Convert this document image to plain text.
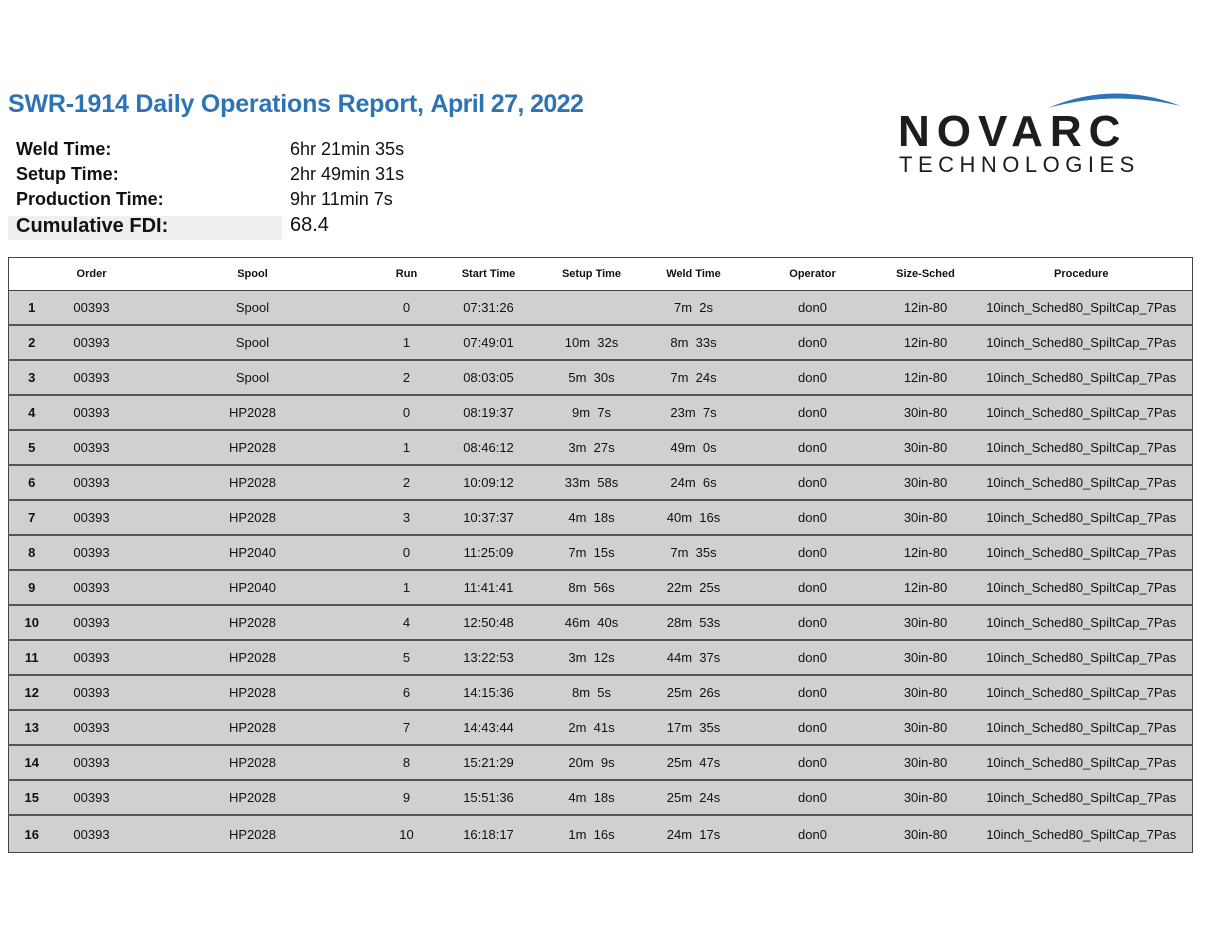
SWR-1914 Daily Operations Report, April 27, 2022
Weld Time:	6hr 21min 35s
Setup Time:	2hr 49min 31s
Production Time:	9hr 11min 7s
Cumulative FDI:	68.4
NOVARC
TECHNOLOGIES
	Order	Spool	Run	Start Time	Setup Time	Weld Time	Operator	Size-Sched	Procedure
1	00393	Spool	0	07:31:26		7m  2s	don0	12in-80	10inch_Sched80_SpiltCap_7Pas
2	00393	Spool	1	07:49:01	10m  32s	8m  33s	don0	12in-80	10inch_Sched80_SpiltCap_7Pas
3	00393	Spool	2	08:03:05	5m  30s	7m  24s	don0	12in-80	10inch_Sched80_SpiltCap_7Pas
4	00393	HP2028	0	08:19:37	9m  7s	23m  7s	don0	30in-80	10inch_Sched80_SpiltCap_7Pas
5	00393	HP2028	1	08:46:12	3m  27s	49m  0s	don0	30in-80	10inch_Sched80_SpiltCap_7Pas
6	00393	HP2028	2	10:09:12	33m  58s	24m  6s	don0	30in-80	10inch_Sched80_SpiltCap_7Pas
7	00393	HP2028	3	10:37:37	4m  18s	40m  16s	don0	30in-80	10inch_Sched80_SpiltCap_7Pas
8	00393	HP2040	0	11:25:09	7m  15s	7m  35s	don0	12in-80	10inch_Sched80_SpiltCap_7Pas
9	00393	HP2040	1	11:41:41	8m  56s	22m  25s	don0	12in-80	10inch_Sched80_SpiltCap_7Pas
10	00393	HP2028	4	12:50:48	46m  40s	28m  53s	don0	30in-80	10inch_Sched80_SpiltCap_7Pas
11	00393	HP2028	5	13:22:53	3m  12s	44m  37s	don0	30in-80	10inch_Sched80_SpiltCap_7Pas
12	00393	HP2028	6	14:15:36	8m  5s	25m  26s	don0	30in-80	10inch_Sched80_SpiltCap_7Pas
13	00393	HP2028	7	14:43:44	2m  41s	17m  35s	don0	30in-80	10inch_Sched80_SpiltCap_7Pas
14	00393	HP2028	8	15:21:29	20m  9s	25m  47s	don0	30in-80	10inch_Sched80_SpiltCap_7Pas
15	00393	HP2028	9	15:51:36	4m  18s	25m  24s	don0	30in-80	10inch_Sched80_SpiltCap_7Pas
16	00393	HP2028	10	16:18:17	1m  16s	24m  17s	don0	30in-80	10inch_Sched80_SpiltCap_7Pas
